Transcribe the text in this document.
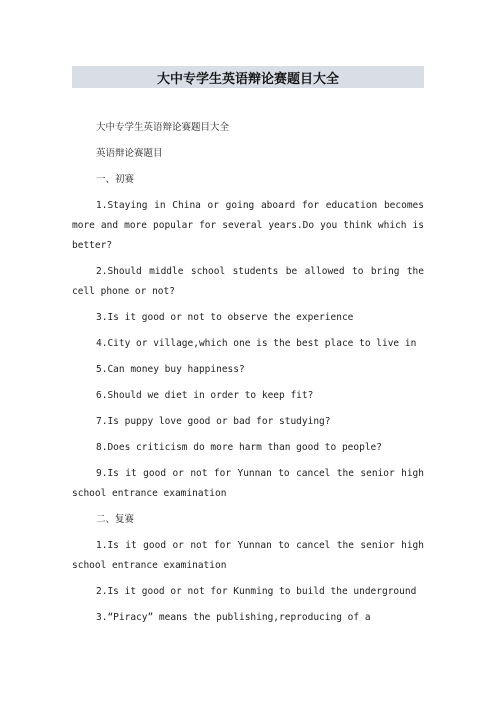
大中专学生英语辩论赛题目大全

大中专学生英语辩论赛题目大全

英语辩论赛题目

一、初赛

1.Staying in China or going aboard for education becomes more and more popular for several years.Do you think which is better?

2.Should middle school students be allowed to bring the cell phone or not?

3.Is it good or not to observe the experience

4.City or village,which one is the best place to live in

5.Can money buy happiness?

6.Should we diet in order to keep fit?

7.Is puppy love good or bad for studying?

8.Does criticism do more harm than good to people?

9.Is it good or not for Yunnan to cancel the senior high school entrance examination

二、复赛

1.Is it good or not for Yunnan to cancel the senior high school entrance examination

2.Is it good or not for Kunming to build the underground

3.“Piracy” means the publishing,reproducing of a
